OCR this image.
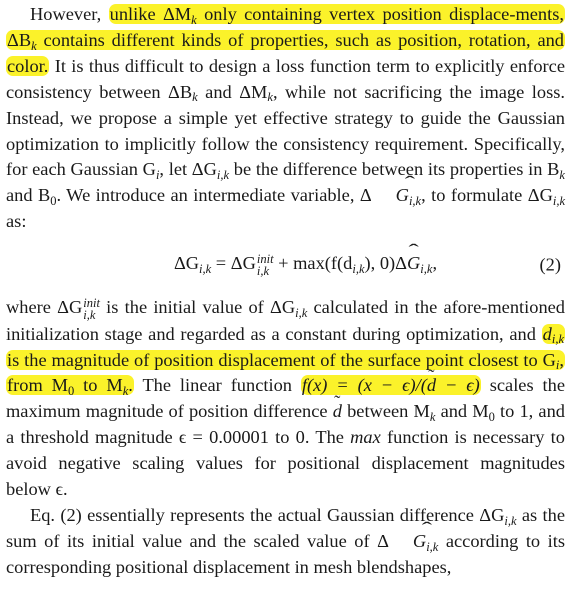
However, unlike $\Delta M_k$ only containing vertex position displace-ments, $\Delta B_k$ contains different kinds of properties, such as position, rotation, and color. It is thus difficult to design a loss function term to explicitly enforce consistency between $\Delta B_k$ and $\Delta M_k$, while not sacrificing the image loss. Instead, we propose a simple yet effective strategy to guide the Gaussian optimization to implicitly follow the consistency requirement. Specifically, for each Gaussian $G_i$, let $\Delta G_{i,k}$ be the difference between its properties in $B_k$ and $B_0$. We introduce an intermediate variable, Δ G ˆ$_{i,k}$, to formulate $\Delta G_{i,k}$ as:

$\Delta G_{i,k} = \Delta G$ init
$i,k + \max(f(d_{i,k})$, 0)ΔG ˆ$_{i,k}$,	(2)

where ΔG init
i,k is the initial value of $\Delta G_{i,k}$ calculated in the afore-mentioned initialization stage and regarded as a constant during optimization, and $d_{i,k}$ is the magnitude of position displacement of the surface point closest to $G_i$, from $M_0$ to $M_k$. The linear function f(x) = (x − ϵ)/(d ˜ − ϵ) scales the maximum magnitude of position difference d ˜ between $M_k$ and $M_0$ to 1, and a threshold magnitude ϵ = 0.00001 to 0. The max function is necessary to avoid negative scaling values for positional displacement magnitudes below ϵ.

Eq. (2) essentially represents the actual Gaussian difference $\Delta G_{i,k}$ as the sum of its initial value and the scaled value of Δ G ˆ$_{i,k}$ according to its corresponding positional displacement in mesh blendshapes,
